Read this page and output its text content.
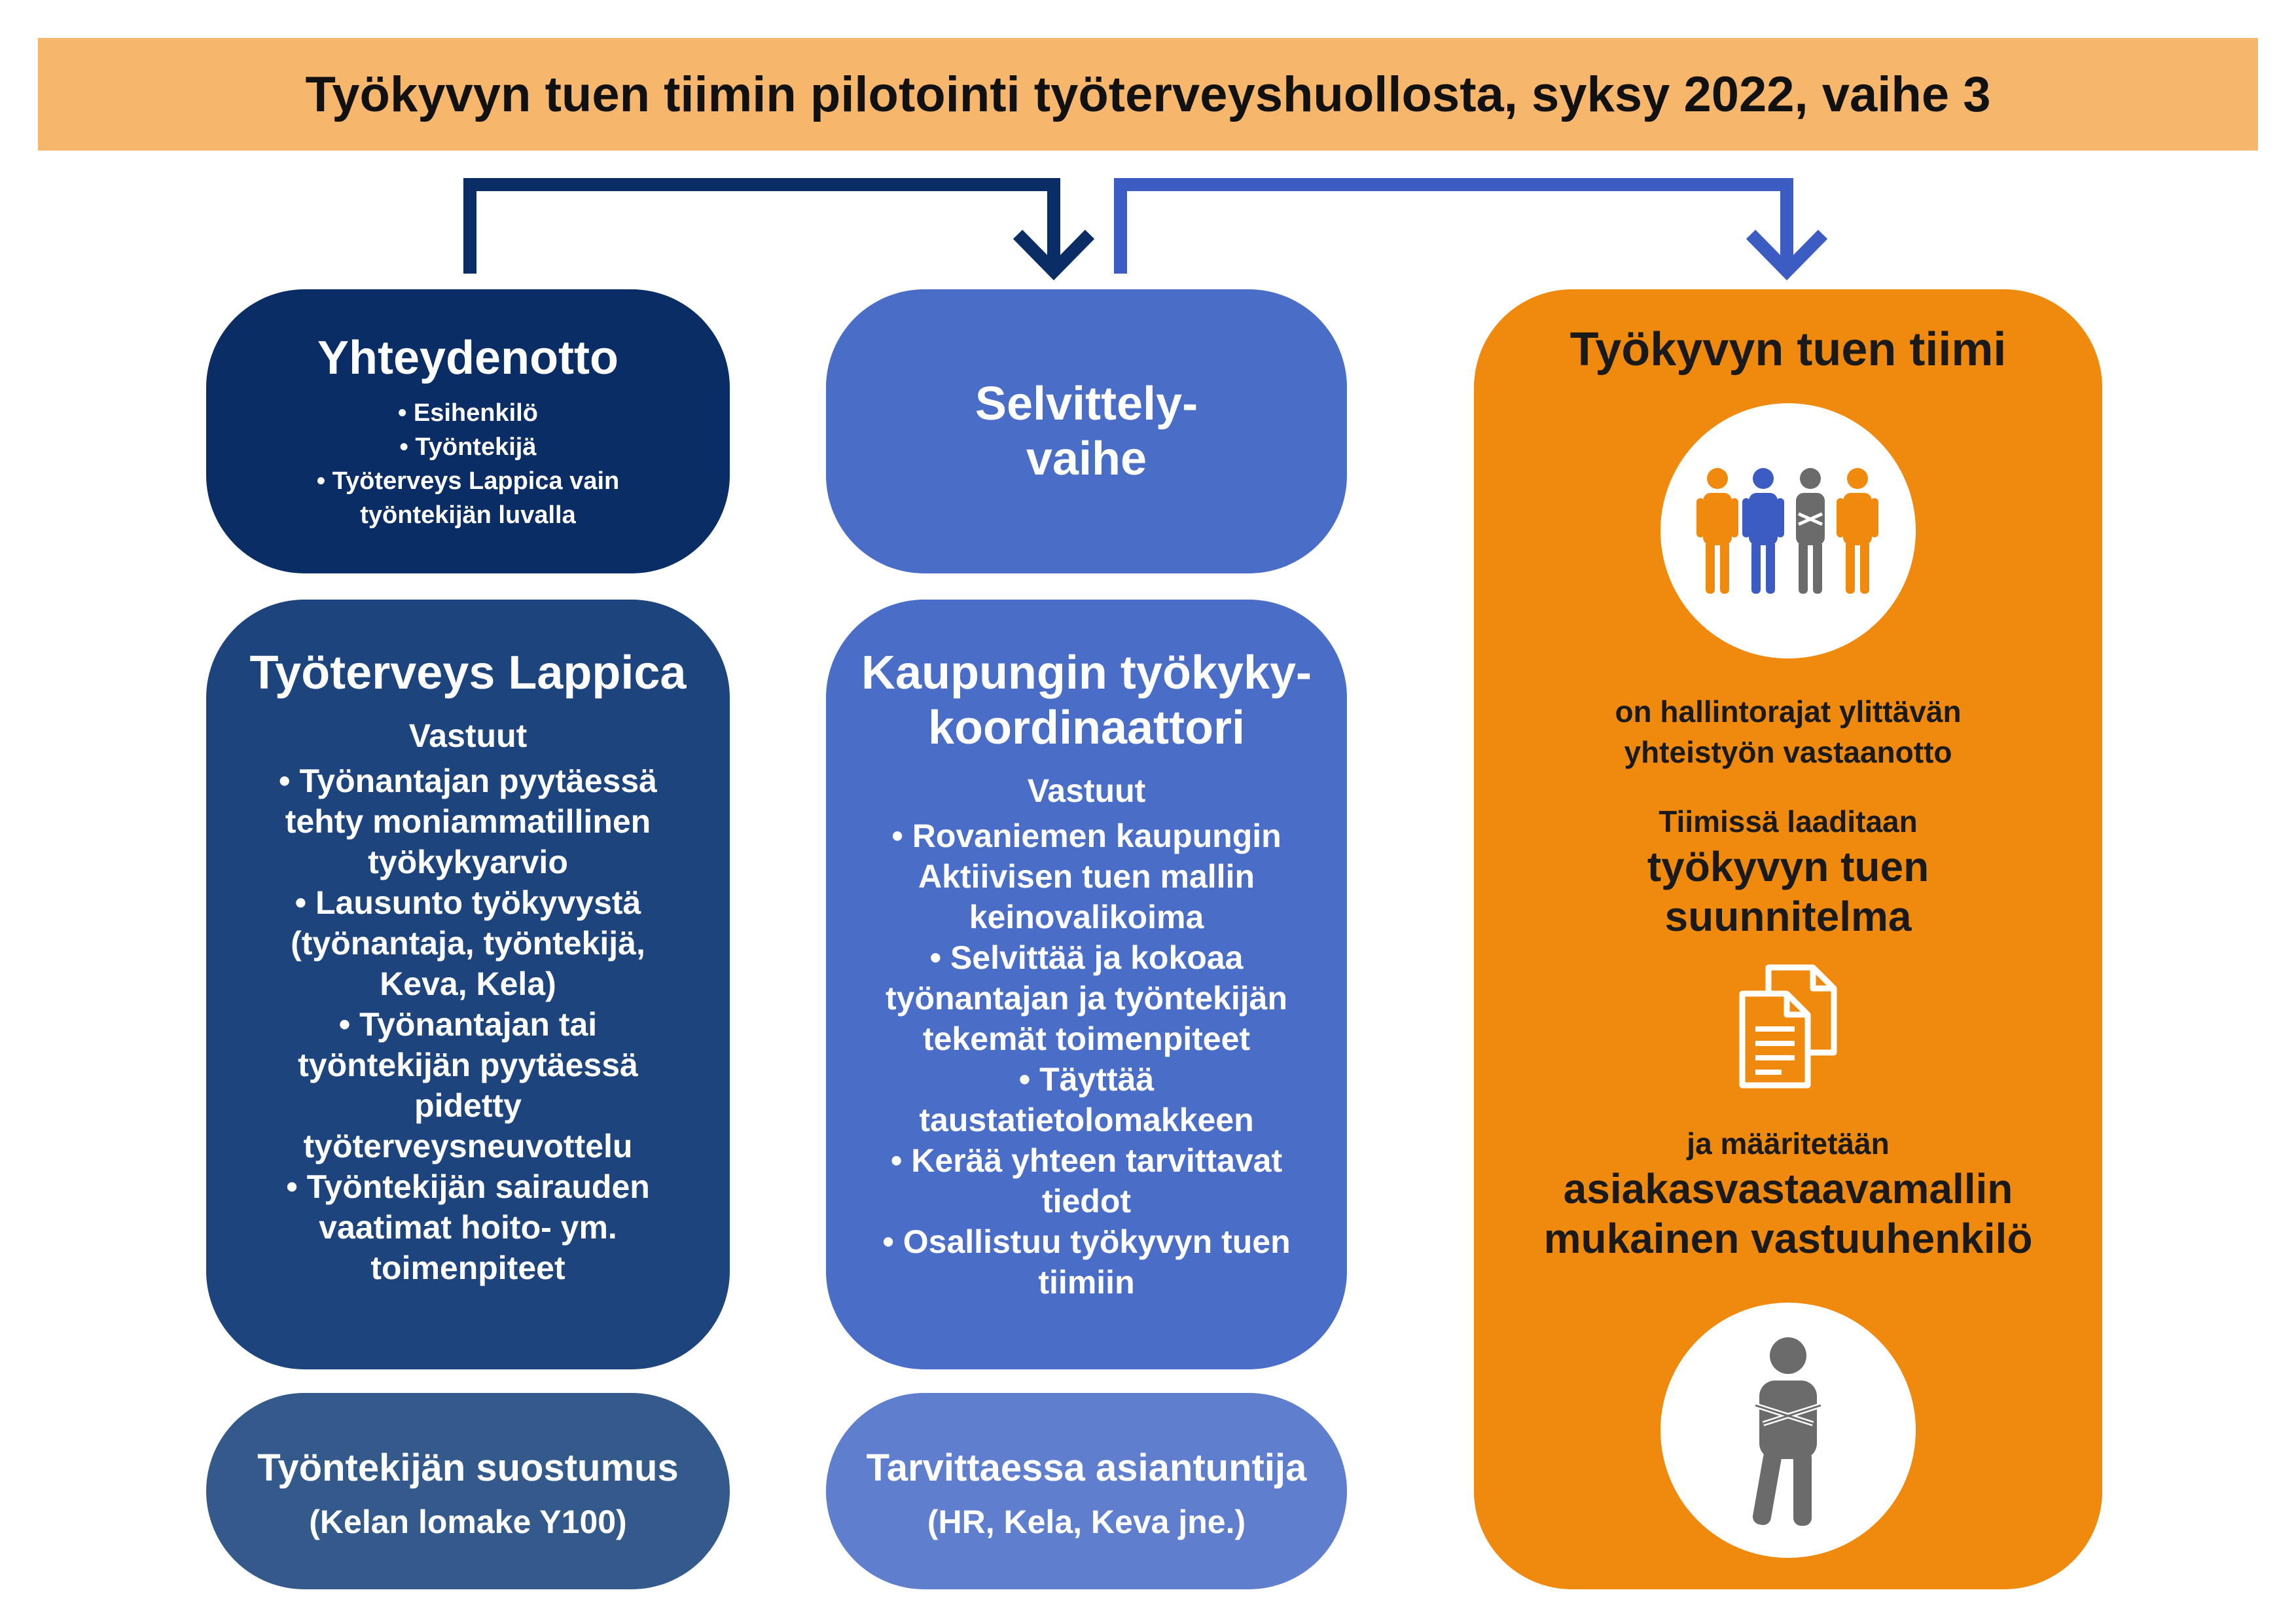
Työkyvyn tuen tiimin pilotointi työterveyshuollosta, syksy 2022, vaihe 3
Yhteydenotto
• Esihenkilö
• Työntekijä
• Työterveys Lappica vain
työntekijän luvalla
Työterveys Lappica
Vastuut
• Työnantajan pyytäessä
tehty moniammatillinen
työkykyarvio
• Lausunto työkyvystä
(työnantaja, työntekijä,
Keva, Kela)
• Työnantajan tai
työntekijän pyytäessä
pidetty
työterveysneuvottelu
• Työntekijän sairauden
vaatimat hoito- ym.
toimenpiteet
Työntekijän suostumus
(Kelan lomake Y100)
Selvittely-
vaihe
Kaupungin työkyky-
koordinaattori
Vastuut
• Rovaniemen kaupungin
Aktiivisen tuen mallin
keinovalikoima
• Selvittää ja kokoaa
työnantajan ja työntekijän
tekemät toimenpiteet
• Täyttää
taustatietolomakkeen
• Kerää yhteen tarvittavat
tiedot
• Osallistuu työkyvyn tuen
tiimiin
Tarvittaessa asiantuntija
(HR, Kela, Keva jne.)
Työkyvyn tuen tiimi
on hallintorajat ylittävän
yhteistyön vastaanotto
Tiimissä laaditaan
työkyvyn tuen
suunnitelma
ja määritetään
asiakasvastaavamallin
mukainen vastuuhenkilö
